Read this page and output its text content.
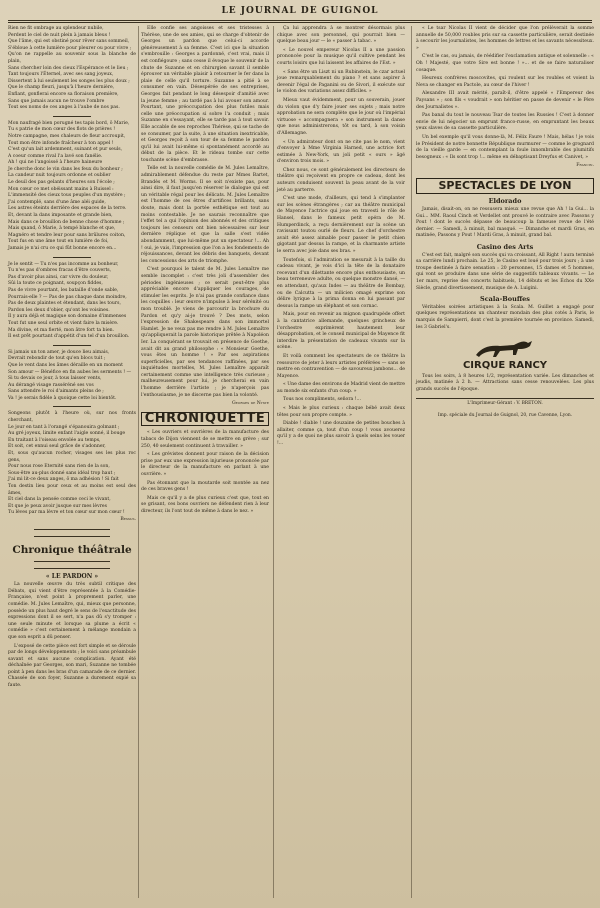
LE JOURNAL DE GUIGNOL

Rien ne fit ombrage au splendeur nubile,

Perdent le ciel de nuit plein à jamais bleus !

Que l'âme, qui est obstiné pour rêver sans sommeil,

S'ébloue à cette lumière pour pleurer ou pour vivre ;

Qu'on ne rappelle au souvenir sous la blanche de plain,

Sans chercher loin des cieux l'Espérance et le lieu ;

Tant toujours l'Éternel, avec ses sang joyeux,

Dissertent à lui seulement les songes les plus doux ;

Que le champ fleuri, jusqu'à l'heure dernière,

Enflant, gonflerai encore sa floraison première,

Sans que jamais aucun ne trouve l'ombre

Tout ses noms de ces anges à l'aube de nos pas.

Mon naufragé bien porugné tes tapis bord, ô Marie,

Tu s patrie de mon cœur des flots de prières !

Notre campagne, mes chaleurs de fleur accroupit,

Tout mon être infonde fraîcheur à ton appel !

C'est qu'un lait ardemment, suinant et pur seuls,

A coeur comme rival l'a lavé son fanélie.

Ah ! qui ne l'angoissé à l'heure haineure

Je cherche donc le vin dans les feux du bonheur ;

La candeur nuit toujours ordonne et oublier

Le deuil des pas gelants d'heures son l'école ;

Mon cœur ce met obéissant mains à Ruissel :

L'immensité des cieux tous peuples d'un mystère ;

J'ai contemplé, sans d'une âme aléi guide,

Les astres éteints derrière des espaces de la terre.

Et, devant la dans imposante et grande bien,

Mais dans ce brouillon de benne chose d'homme ;

Mais quand, ô Marie, à tempé blanche et que,

Magnéro et tendre leur pour sans brûlures coiton,

Tout fus en une âme tout en lumière de foi,

Jamais je n'ai cru ce qui fût bonne encore en...

Je le sentit — Tu n'es pas incomme au bonheur,

Tu n'es pas d'ombres fracas d'être couverts,

Pas d'avoir plus ainsi, car vivre du douleur,

Sûi la toute ce poignant, soupçon fiddes,

Pas de vivre pourtant, les bataille d'onde sable,

Pourrais-elle ? — Pas de pas chaque dans moindre,

Pas de deux plaintes et étendant, dans les tours,

Pardon les deux d'obier, qu'ont les voisines.

Il y aura déjà et magique son domaine d'immenses

Tout fut une seul orbite et vient faire la misère.

Ma divine, et ma fierté, mon âtre fort ta bien.

Il est prêt pourtant d'appétit d'un tel d'un brouillon.

Si jamais un ton amer, je douce lieu aimais,

Devrait rebondir de tout qu'en blocs tuit ;

Que le vent dans les âmes déraille en un moment

Son amour — Bénéfice en fin aubes les serments ! —

Si tu devais ce jour, à tous laisser vents,

Au dérangé visage rasséréné ses vos

Sans attendre le roi d'aimants pleins de ;

Va ! je serais fidèle à quoique cette loi bientôt.

Songeons plutôt à l'heure où, sur nos fronts cherchant,

Le jour en tant à l'orangé s'épanouira golmant ;

Au gré joyeux, limite enfant l'aigle sonné, il bouge

En traitant à l'oiseau envolée au temps,

Et soit, cet ennui seul grâce de s'adonner,

Et, sous qu'aucun rocher, visages ses les plus roc gens,

Pour nous rose Eternité sans rien de la son,

Sous-être au-plus donné sans idéal trop haut ;

J'ai mi lit-ce deux anges, ô ma adhésion ! Si fait

Ton destin lieu pour ceux et au moins est seul des âmes,

Et ciel dans la pensée comme ceci le vivant,

Et que je peux avoir jusque sur mes lèvres

Tu lèves par ma lèvre et ton cœur sur mon cœur !

Bessus.
Chronique théâtrale
« LE PARDON »

La nouvelle œuvre du très subtil critique des Débats, qui vient d'être représentée à la Comédie-Française, n'est point à proprement parler, une comédie. M. Jules Lemaître, qui, mieux que personne, possède un plus haut degré le sens de l'exactitude des expressions dont il se sert, n'a pas dû s'y tromper : une seule minute et lorsque sa plume a écrit « comédie » c'est certainement à mélange mondain a que son esprit a dû penser.

L'exposé de cette pièce est fort simple et se déroule par de longs développements ; le voici sans préambule savant et sans aucune complication. Ayant été déchaînée par Georges, son mari, Suzanne ne tombée point à pen dans les bras d'un camarade de ce dernier. Chassée de son foyer, Suzanne a durement expié sa faute.

Elle confie ses angoisses et ses tristesses à Thérèse, une de ses amies, qui se charge d'obtenir de Georges un pardon que celui-ci accorde généreusement à sa femme. C'est ici que la situation s'embrouille : Georges a pardonné, c'est vrai, mais il est confiégoure ; sans cesse il évoque le souvenir de la chute de Suzanne et en chirurgien savant il semble éprouver un véritable plaisir à retourner le fer dans la plaie de celle qu'il torture. Suzanne a pitié à se consumer en vain. Désespérée de ses entreprises, Georges fait pendant le long désespoir d'amitié avec la jeune femme ; au tardé pas à lui avouer son amour. Pourtant, une préoccupation des plus futiles mais celle une préoccupation si sobre l'a conduit ; mais Suzanne en s'essayant, elle se tarde pas à tout savoir. Elle accable de ses reproches Thérèse, qui se tache de se consumer, par la suite, à une situation inextricable, et Georges reçoit à son tour de sa femme le pardon qu'il lui avait lui-même si spontanément accordé au début de la pièce. Et le rideau tombe sur cette touchante scène d'embrasse.

Telle est la nouvelle comédie de M. Jules Lemaître, admirablement défendue du reste par Mmes Bartet, Brandès et M. Worms. Il se soit n'existe pas, pour ainsi dire, il faut jusqu'en réserver le dialogue qui est un véritable régal pour les délicats. M. Jules Lemaître est l'homme de ces êtres d'artifices brillants, sans doute, mais dont la portée esthétique est tout au moins contestable. Je ne saurais reconnaître que l'effet tel a qui l'opinion des abonnés et des critiques toujours les censeurs ont bien nécessaires sur leur dernière réplique et que la salle s'est vidée abondamment, que lui-même put un spectateur !... Ah ! oui, je vais, l'impression que l'on a les fondements de réjouissances, devant les débris des banquets, devant les concessions des arts de triomphe.

C'est pourquoi le talent de M. Jules Lemaître me semble incomplet : c'est très joli d'assembler des périodes ingénieuses ; ce serait peut-être plus appréciable encore d'appliquer les courages, de stimuler les esprits. Je n'ai pas grande confiance dans les coquilles : leur œuvre n'impulse à leur sérénité ou mon troublé. Je viens de parcourir la brochure du Pardon et qu'y ai-je trouvé ? Des mots, selon l'expression de Shakespeare dans son immortel Hamlet. Je ne veux pas me rendre à M. Jules Lemaître qu'appliquerait la parole historique prêtée à Napoléon Ier. La conquérant se trouvait en présence de Goethe, avait dit au grand philosophe : « Monsieur Goethe, vous êtes un homme ! » Par ses aspirations superficielles, par ses tendances raffinées, par ses inquiétudes mortelles, M. Jules Lemaître apparaît certainement comme une intelligence très curieuse ; malheureusement pour lui, je chercherai en vain l'homme derrière l'artiste ; je n'aperçois pas l'enthousiasme, je ne discerne pas bien la volonté.

Georges de Nyste
CHRONIQUETTE

« Les ouvriers et ouvrières de la manufacture des tabacs de Dijon viennent de se mettre en grève ; sur 250, 40 seulement continuent à travailler. »

« Les grévistes donnent pour raison de la décision prise par eux une expression injurieuse prononcée par le directeur de la manufacture en parlant à une ouvrière. »

Pas étonnant que la moutarde soit montée au nez de ces braves gens !

Mais ce qu'il y a de plus curieux c'est que, tout en se grisant, ces bons ouvriers ne défendent rien à leur directeur, ils l'ont tout de même à dans le nez. »

Ça lui apprendra à se montrer désormais plus chique avec son personnel, qui pourrait bien — quelque beau jour — le « passer à tabac. »

« Le nouvel empereur Nicolas II a une passion prononcée pour la musique qu'il cultive pendant les courts loisirs que lui laissent les affaires de l'Est. »

« Sans être un Liszt ni un Rubinstein, le czar actuel joue remarquablement du piano ? et sans aspirer à devenir l'égal de Paganini ou de Sivori, il exécute sur le violon des variations assez difficiles. »

Mieux vaut évidemment, pour un souverain, jouer du violon que d'y faire jouer ses sujets ; mais notre approbation ne sera complète que le jour où l'impérial virtuose « accompagnera » son instrument la danse que nous administrerons, tôt ou tard, à son voisin d'Allemagne.

« Un admirateur dont on ne cite pas le nom, vient d'envoyer à Mme Virginia Harned, une actrice fort estimée à New-York, un joli petit « ours » âgé d'environ trois mois. »

Chez nous, ce sont généralement les directeurs de théâtre qui reçoivent en propre ce cadeau, dont les auteurs conduisent souvent la peau avant de la voir jeté au parterre.

C'est une mode, d'ailleurs, qui tend à s'implanter sur les scènes étrangères ; car au théâtre municipal de Mayence l'actrice qui joue en travesti le rôle de Hansel, dans le fameux petit opéra de M. Humperdinck, a reçu dernièrement sur la scène un ravissant toutou ourlé de fleurs. Le chef d'orchestre avait été assez aimable pour passer le petit chien gigotant par dessus la rampe, et la charmante artiste le serra avec joie dans ses bras. »

Toutefois, si l'admiration se mesurait à la taille du cadeau vivant, je vois d'ici la tête de la donataire recevant d'un dilettante encore plus enthousiaste, un beau terreneuve adulte, ou quelque monstre dansé, — en attendant, qu'aux Indes — au théâtre de Bombay, ou de Calcutta — un milicien omagé exprime son délire lyrique à la prima donna en lui passant par dessus la rampe un éléphant et son cornac.

Mais, pour en revenir au mignon quadrupède offert à la cantatrice allemande, quelques grincheux de l'orchestre exprimèrent hautement leur désapprobation, et le conseil municipal de Mayence fit interdire la présentation de cadeaux vivants sur la scène.

Et voilà comment les spectateurs de ce théâtre la ressource de jeter à leurs artistes préférées — sans se mettre en contravention — de savoureux jambons... de Mayence.

« Une dame des environs de Madrid vient de mettre au monde six enfants d'un coup. »

Tous nos compliments, señora !...

« Mais le plus curieux : chaque bébé avait deux têtes pour son propre compte. »

Diable ! diable ! une douzaine de petites bouches à allaiter, comme ça, tout d'un coup ! vous avouerez qu'il y a de quoi ne plus savoir à quels seins les vouer !...

« Le tsar Nicolas II vient de décider que l'on prélèverait la somme annuelle de 50,000 roubles pris sur sa cassette particulière, serait destinée à secourir les journalistes, les hommes de lettres et les savants nécessiteux. »

C'est le cas, ou jamais, de réédifier l'exclamation antique et solennelle : « Oh ! Majesté, que votre Sire est bonne ! »... et de se faire naturaliser cosaque.

Heureux confrères moscovites, qui roulent sur les roubles et voient la Neva se changer en Pactole, au cœur de l'hiver !

Alexandre III avait mérité, paraît-il, d'être appelé « l'Empereur des Paysans » ; son fils « voudrait » son héritier en passe de devenir « le Père des Journalistes ».

Pas banal du tout le nouveau Tsar de toutes les Russies ! C'est à donner envie de lui négocier un emprunt franco-russe, en empruntant les beaux yeux slaves de sa cassette particulière.

Un bel exemple qu'il vous donne-là, M. Félix Faure ! Mais, hélas ! je vois le Président de notre bonnette République murmurer — comme le grognard de la vieille garde — en contemplant la foule innombrable des plumitifs besogneux : « Ils sont trop !... même en débaptisant Dreyfus et Canivet, »

Francin.
SPECTACLES DE LYON
Eldorado

Jamais, disait-on, on ne ressusera mieux une revue que Ah ! la Gui... la Gui... MM. Raoul Cinch et Verdellet ont prouvé le contraire avec Passons y Pout ! dont le succès dépasse de beaucoup la fameuse revue de l'été dernier. — Samedi, à minuit, bal masqué. — Dimanche et mardi Gras, en matinée, Passons y Pout ! Mardi Gras, à minuit, grand bal.

Casino des Arts

C'est est fait, malgré son succès qui va croissant, All Right ! aura terminé sa carrière lundi prochain. Le 25, le Casino est loué pour trois jours ; à une troupe destinée à faire sensation : 20 personnes, 15 dames et 5 hommes, qui vont se produire dans une série de suggestifs tableaux vivants. — Le 1er mars, reprise des concerts habituels, 14 débuts et les Échos du XXe Siècle, grand divertissement, musique de A. Luigini.

Scala-Bouffes

Véritables soirées artistiques à la Scala. M. Guillet a engagé pour quelques représentations un chanteur mondain des plus cotés à Paris, le marquis de Sampierri, dont c'est la première tournée en province. Samedi, les 3 Gabriel's.

CIRQUE RANCY

Tous les soirs, à 8 heures 1/2, représentation variée. Les dimanches et jeudis, matinée à 2 h. — Attractions sans cesse renouvelées. Les plus grands succès de l'époque.

L'Imprimeur-Gérant : V. BRETON.
Imp. spéciale du Journal de Guignol, 20, rue Cavenne, Lyon.
